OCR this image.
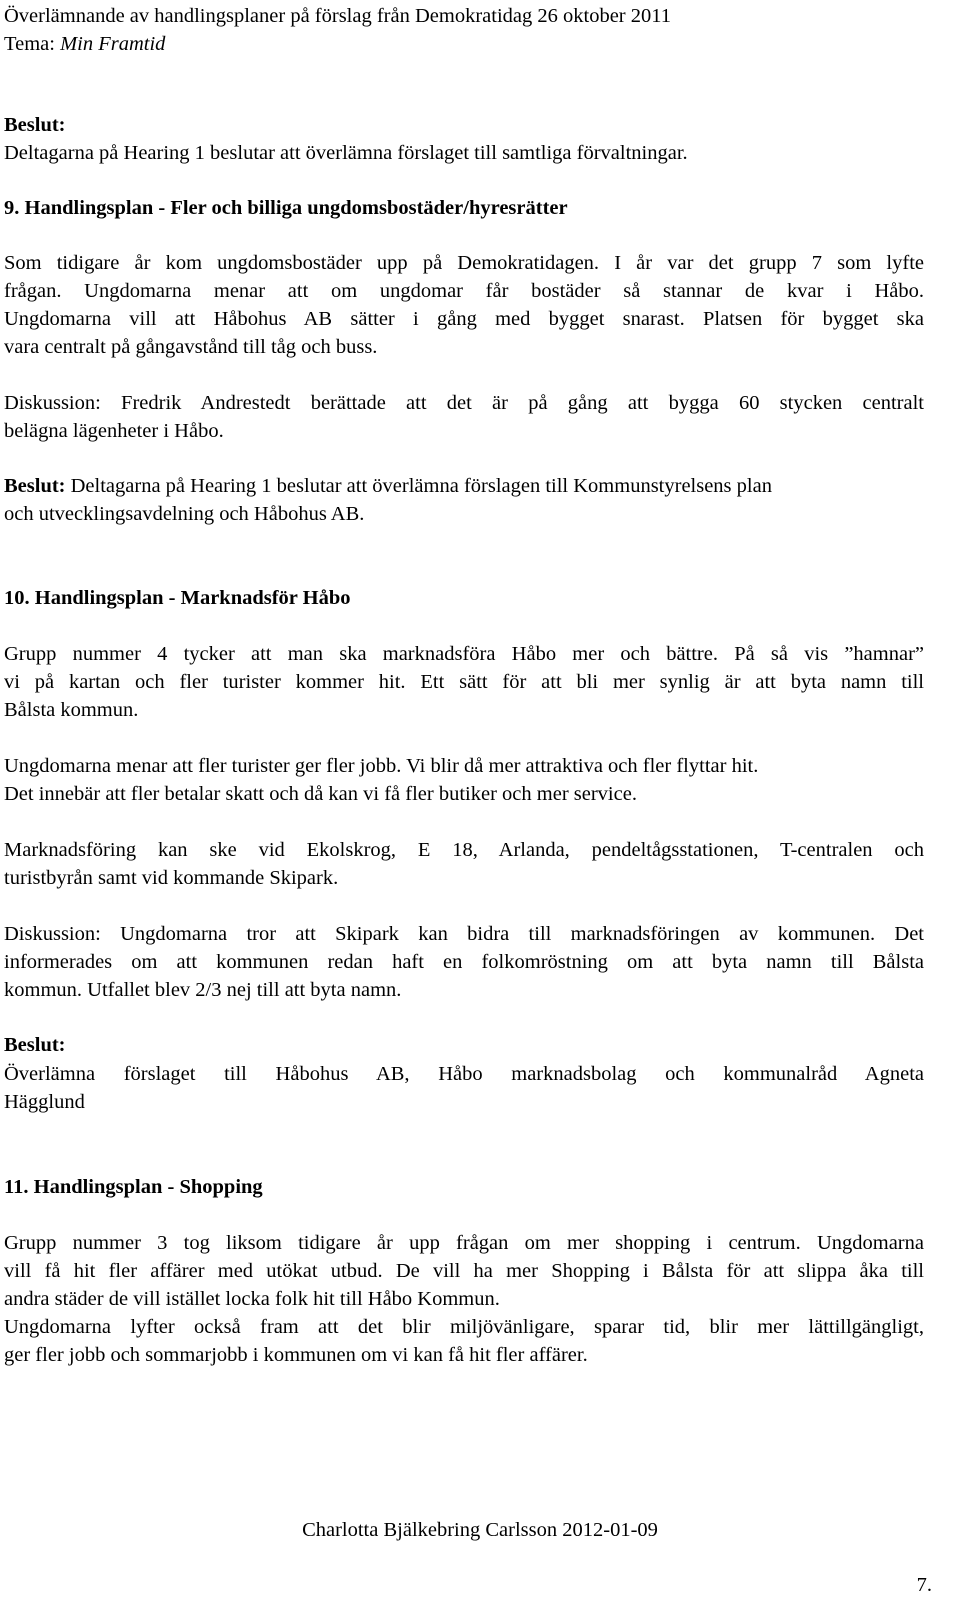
Överlämnande av handlingsplaner på förslag från Demokratidag 26 oktober 2011
Tema: Min Framtid
Beslut:
Deltagarna på Hearing 1 beslutar att överlämna förslaget till samtliga förvaltningar.
9. Handlingsplan - Fler och billiga ungdomsbostäder/hyresrätter
Som tidigare år kom ungdomsbostäder upp på Demokratidagen. I år var det grupp 7 som lyfte
frågan. Ungdomarna menar att om ungdomar får bostäder så stannar de kvar i Håbo.
Ungdomarna vill att Håbohus AB sätter i gång med bygget snarast. Platsen för bygget ska
vara centralt på gångavstånd till tåg och buss.
Diskussion: Fredrik Andrestedt berättade att det är på gång att bygga 60 stycken centralt
belägna lägenheter i Håbo.
Beslut: Deltagarna på Hearing 1 beslutar att överlämna förslagen till Kommunstyrelsens plan
och utvecklingsavdelning och Håbohus AB.
10. Handlingsplan - Marknadsför Håbo
Grupp nummer 4 tycker att man ska marknadsföra Håbo mer och bättre. På så vis ”hamnar”
vi på kartan och fler turister kommer hit. Ett sätt för att bli mer synlig är att byta namn till
Bålsta kommun.
Ungdomarna menar att fler turister ger fler jobb. Vi blir då mer attraktiva och fler flyttar hit.
Det innebär att fler betalar skatt och då kan vi få fler butiker och mer service.
Marknadsföring kan ske vid Ekolskrog, E 18, Arlanda, pendeltågsstationen, T-centralen och
turistbyrån samt vid kommande Skipark.
Diskussion: Ungdomarna tror att Skipark kan bidra till marknadsföringen av kommunen. Det
informerades om att kommunen redan haft en folkomröstning om att byta namn till Bålsta
kommun. Utfallet blev 2/3 nej till att byta namn.
Beslut:
Överlämna förslaget till Håbohus AB, Håbo marknadsbolag och kommunalråd Agneta
Hägglund
11. Handlingsplan - Shopping
Grupp nummer 3 tog liksom tidigare år upp frågan om mer shopping i centrum. Ungdomarna
vill få hit fler affärer med utökat utbud. De vill ha mer Shopping i Bålsta för att slippa åka till
andra städer de vill istället locka folk hit till Håbo Kommun.
Ungdomarna lyfter också fram att det blir miljövänligare, sparar tid, blir mer lättillgängligt,
ger fler jobb och sommarjobb i kommunen om vi kan få hit fler affärer.
Charlotta Bjälkebring Carlsson 2012-01-09
7.
